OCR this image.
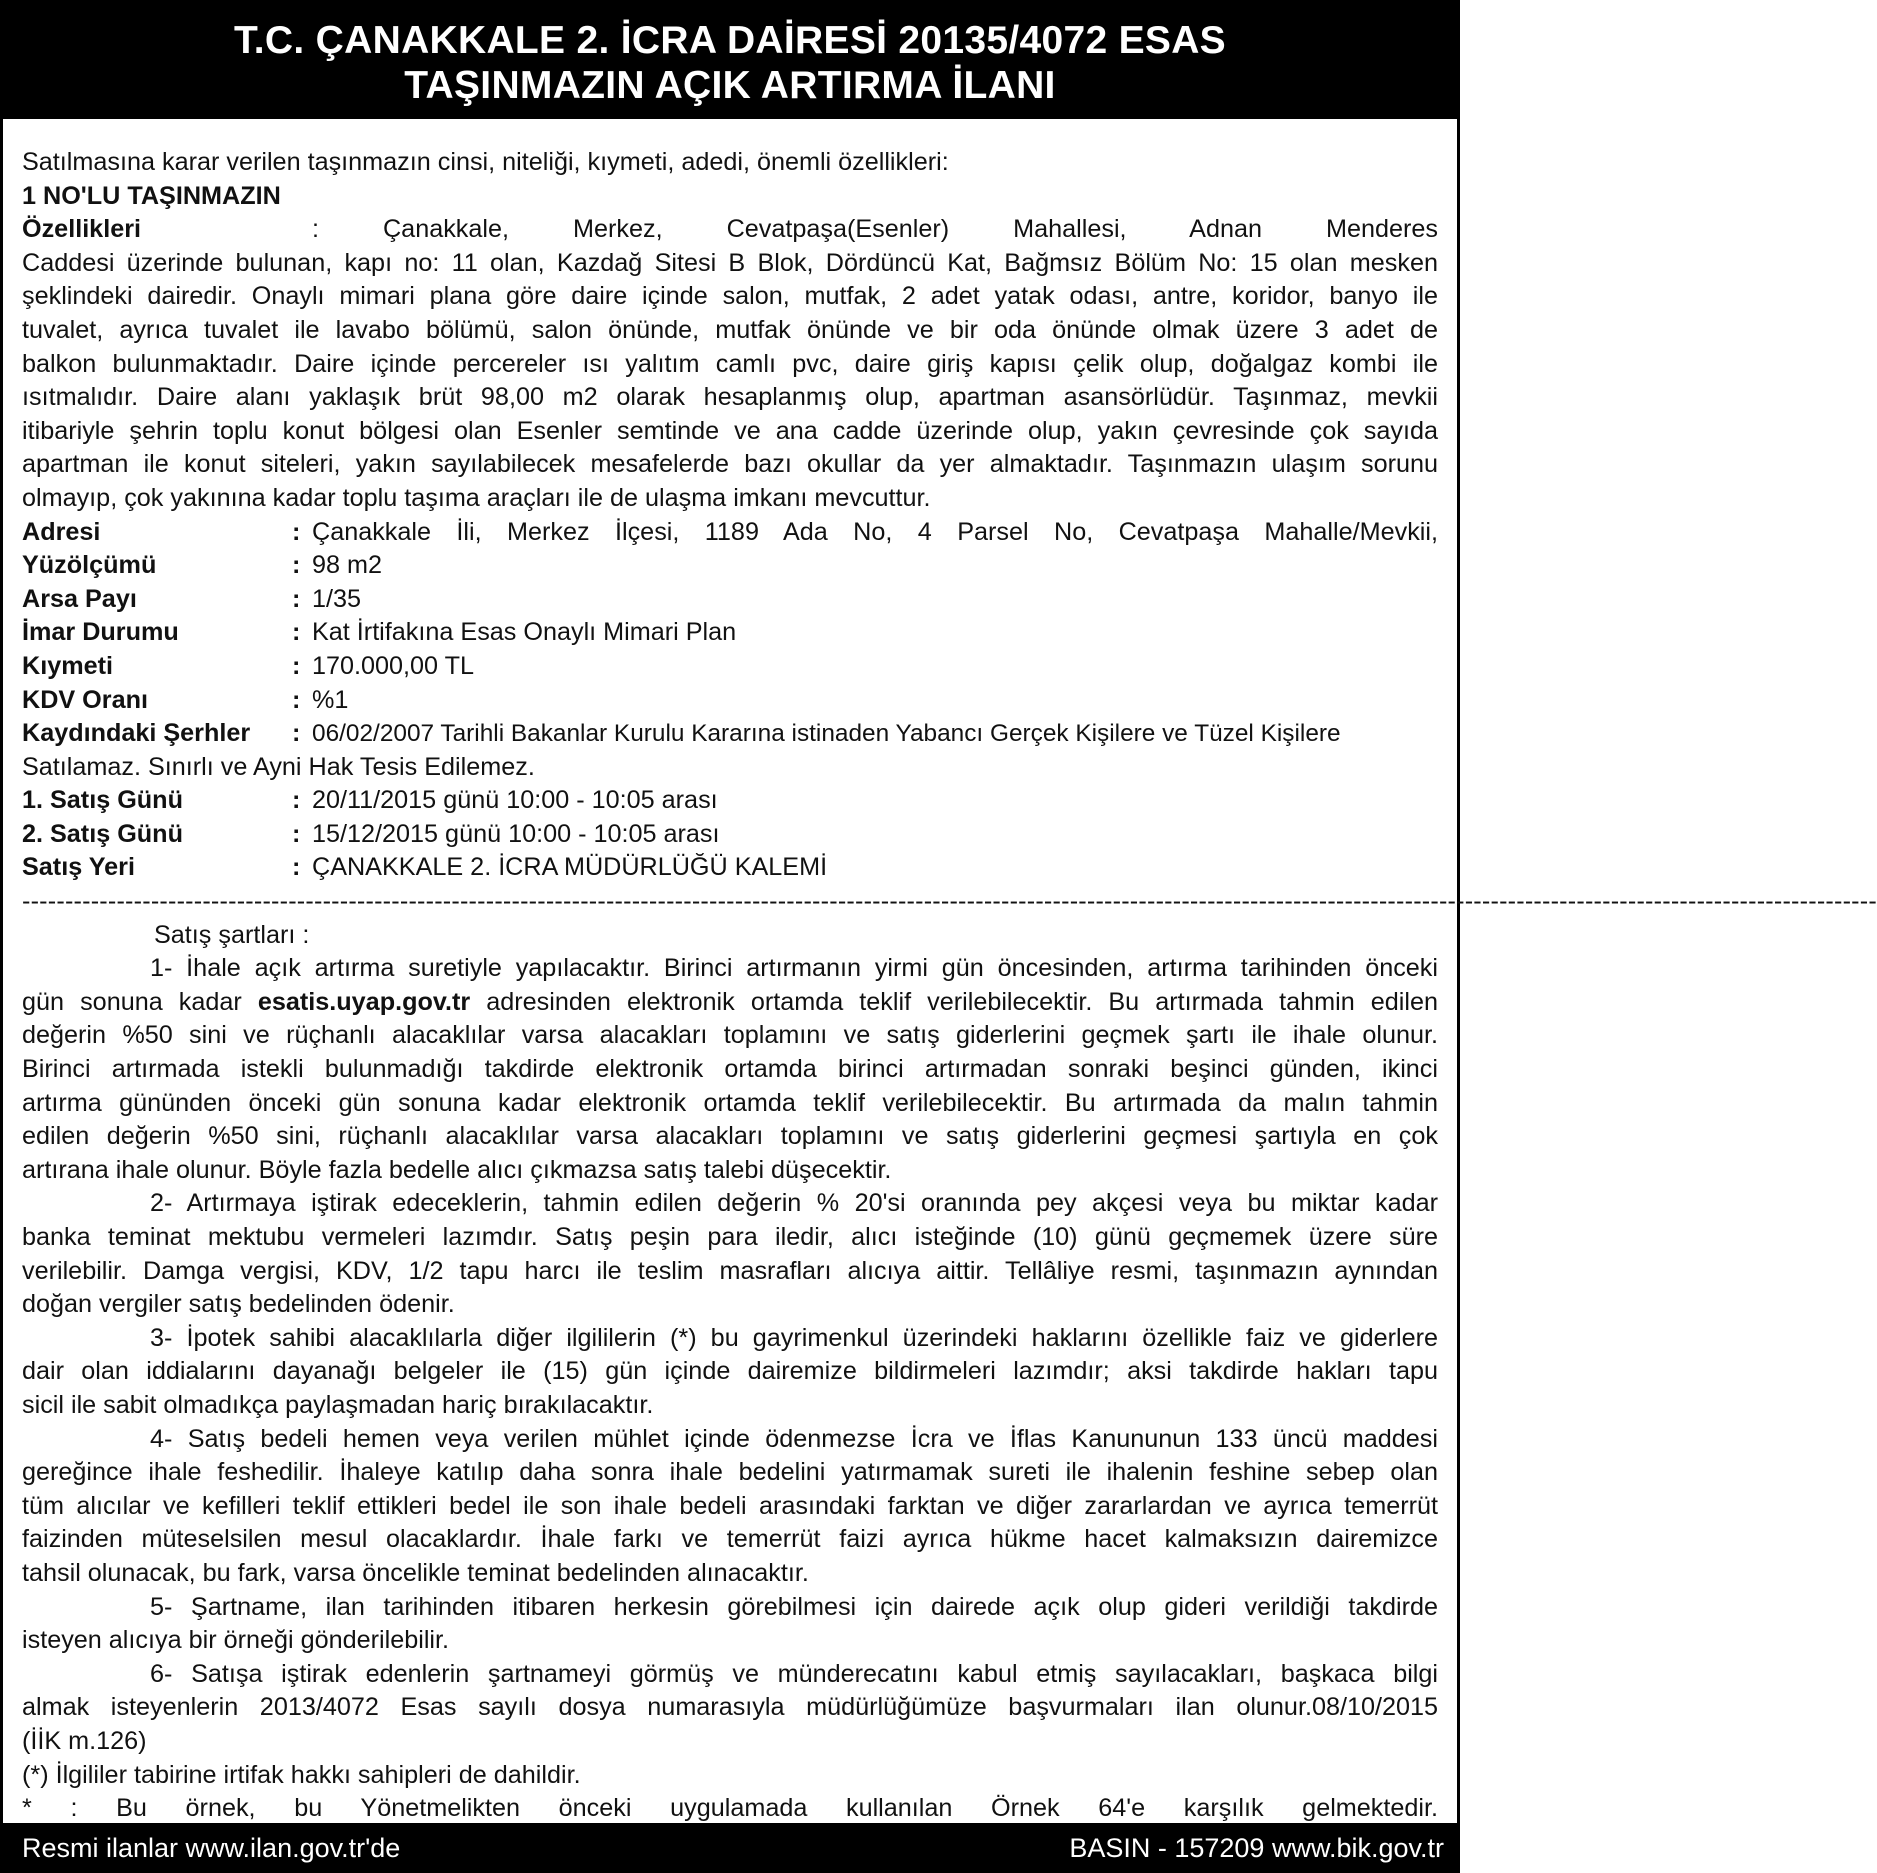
T.C. ÇANAKKALE 2. İCRA DAİRESİ 20135/4072 ESAS
TAŞINMAZIN AÇIK ARTIRMA İLANI
Satılmasına karar verilen taşınmazın cinsi, niteliği, kıymeti, adedi, önemli özellikleri:
1 NO'LU TAŞINMAZIN
Özellikleri	: Çanakkale, Merkez, Cevatpaşa(Esenler) Mahallesi, Adnan Menderes
Caddesi üzerinde bulunan, kapı no: 11 olan, Kazdağ Sitesi B Blok, Dördüncü Kat, Bağmsız Bölüm No: 15 olan mesken
şeklindeki dairedir. Onaylı mimari plana göre daire içinde salon, mutfak, 2 adet yatak odası, antre, koridor, banyo ile
tuvalet, ayrıca tuvalet ile lavabo bölümü, salon önünde, mutfak önünde ve bir oda önünde olmak üzere 3 adet de
balkon bulunmaktadır. Daire içinde percereler ısı yalıtım camlı pvc, daire giriş kapısı çelik olup, doğalgaz kombi ile
ısıtmalıdır. Daire alanı yaklaşık brüt 98,00 m2 olarak hesaplanmış olup, apartman asansörlüdür. Taşınmaz, mevkii
itibariyle şehrin toplu konut bölgesi olan Esenler semtinde ve ana cadde üzerinde olup, yakın çevresinde çok sayıda
apartman ile konut siteleri, yakın sayılabilecek mesafelerde bazı okullar da yer almaktadır. Taşınmazın ulaşım sorunu
olmayıp, çok yakınına kadar toplu taşıma araçları ile de ulaşma imkanı mevcuttur.
Adresi	: Çanakkale İli, Merkez İlçesi, 1189 Ada No, 4 Parsel No, Cevatpaşa Mahalle/Mevkii,
Yüzölçümü	: 98 m2
Arsa Payı	: 1/35
İmar Durumu	: Kat İrtifakına Esas Onaylı Mimari Plan
Kıymeti	: 170.000,00 TL
KDV Oranı	: %1
Kaydındaki Şerhler : 06/02/2007 Tarihli Bakanlar Kurulu Kararına istinaden Yabancı Gerçek Kişilere ve Tüzel Kişilere
Satılamaz. Sınırlı ve Ayni Hak Tesis Edilemez.
1. Satış Günü	: 20/11/2015 günü 10:00 - 10:05 arası
2. Satış Günü	: 15/12/2015 günü 10:00 - 10:05 arası
Satış Yeri	: ÇANAKKALE 2. İCRA MÜDÜRLÜĞÜ KALEMİ
------------------------------------------------------------------------------------------------------------------------------------------------------------------------------------------------------------------------
Satış şartları :
1- İhale açık artırma suretiyle yapılacaktır. Birinci artırmanın yirmi gün öncesinden, artırma tarihinden önceki
gün sonuna kadar esatis.uyap.gov.tr adresinden elektronik ortamda teklif verilebilecektir. Bu artırmada tahmin edilen
değerin %50 sini ve rüçhanlı alacaklılar varsa alacakları toplamını ve satış giderlerini geçmek şartı ile ihale olunur.
Birinci artırmada istekli bulunmadığı takdirde elektronik ortamda birinci artırmadan sonraki beşinci günden, ikinci
artırma gününden önceki gün sonuna kadar elektronik ortamda teklif verilebilecektir. Bu artırmada da malın tahmin
edilen değerin %50 sini, rüçhanlı alacaklılar varsa alacakları toplamını ve satış giderlerini geçmesi şartıyla en çok
artırana ihale olunur. Böyle fazla bedelle alıcı çıkmazsa satış talebi düşecektir.
2- Artırmaya iştirak edeceklerin, tahmin edilen değerin % 20'si oranında pey akçesi veya bu miktar kadar
banka teminat mektubu vermeleri lazımdır. Satış peşin para iledir, alıcı isteğinde (10) günü geçmemek üzere süre
verilebilir. Damga vergisi, KDV, 1/2 tapu harcı ile teslim masrafları alıcıya aittir. Tellâliye resmi, taşınmazın aynından
doğan vergiler satış bedelinden ödenir.
3- İpotek sahibi alacaklılarla diğer ilgililerin (*) bu gayrimenkul üzerindeki haklarını özellikle faiz ve giderlere
dair olan iddialarını dayanağı belgeler ile (15) gün içinde dairemize bildirmeleri lazımdır; aksi takdirde hakları tapu
sicil ile sabit olmadıkça paylaşmadan hariç bırakılacaktır.
4- Satış bedeli hemen veya verilen mühlet içinde ödenmezse İcra ve İflas Kanununun 133 üncü maddesi
gereğince ihale feshedilir. İhaleye katılıp daha sonra ihale bedelini yatırmamak sureti ile ihalenin feshine sebep olan
tüm alıcılar ve kefilleri teklif ettikleri bedel ile son ihale bedeli arasındaki farktan ve diğer zararlardan ve ayrıca temerrüt
faizinden müteselsilen mesul olacaklardır. İhale farkı ve temerrüt faizi ayrıca hükme hacet kalmaksızın dairemizce
tahsil olunacak, bu fark, varsa öncelikle teminat bedelinden alınacaktır.
5- Şartname, ilan tarihinden itibaren herkesin görebilmesi için dairede açık olup gideri verildiği takdirde
isteyen alıcıya bir örneği gönderilebilir.
6- Satışa iştirak edenlerin şartnameyi görmüş ve münderecatını kabul etmiş sayılacakları, başkaca bilgi
almak isteyenlerin 2013/4072 Esas sayılı dosya numarasıyla müdürlüğümüze başvurmaları ilan olunur.08/10/2015
(İİK m.126)
(*) İlgililer tabirine irtifak hakkı sahipleri de dahildir.
* : Bu örnek, bu Yönetmelikten önceki uygulamada kullanılan Örnek 64'e karşılık gelmektedir.
Resmi ilanlar www.ilan.gov.tr'de	BASIN - 157209 www.bik.gov.tr
